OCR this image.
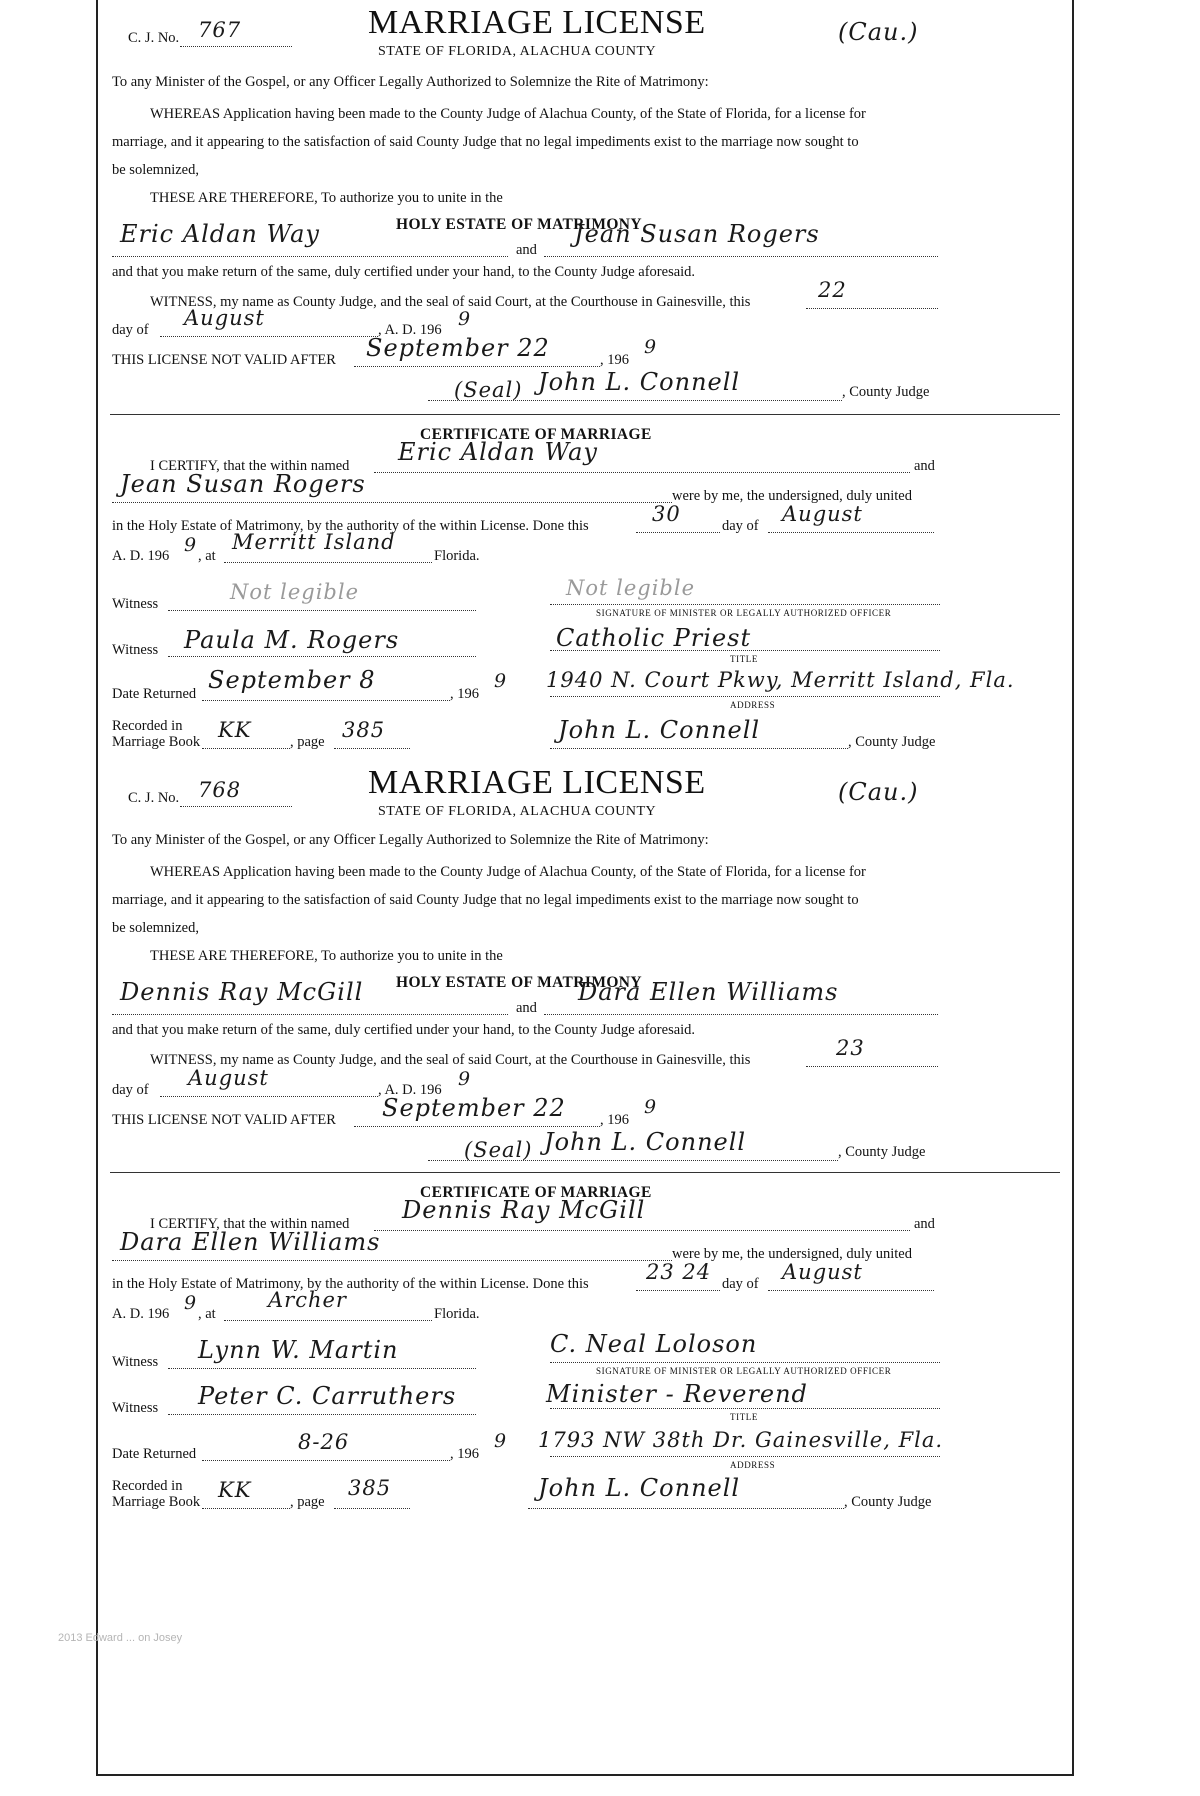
C. J. No. 767	MARRIAGE LICENSE
STATE OF FLORIDA, ALACHUA COUNTY
(Cau.)
To any Minister of the Gospel, or any Officer Legally Authorized to Solemnize the Rite of Matrimony:
WHEREAS Application having been made to the County Judge of Alachua County, of the State of Florida, for a license for
marriage, and it appearing to the satisfaction of said County Judge that no legal impediments exist to the marriage now sought to
be solemnized,
THESE ARE THEREFORE, To authorize you to unite in the
HOLY ESTATE OF MATRIMONY
Eric Aldan Way
and
Jean Susan Rogers
and that you make return of the same, duly certified under your hand, to the County Judge aforesaid.
WITNESS, my name as County Judge, and the seal of said Court, at the Courthouse in Gainesville, this	22
day of August	, A. D. 196 9
THIS LICENSE NOT VALID AFTER September 22	, 196
9
(Seal) John L. Connell	, County Judge
CERTIFICATE OF MARRIAGE
I CERTIFY, that the within named Eric Aldan Way	and
Jean Susan Rogers	were by me, the undersigned, duly united
in the Holy Estate of Matrimony, by the authority of the within License. Done this	30	day of August
A. D. 196 9 , at
Merritt Island
Florida.
Witness	Not legible	Not legible
SIGNATURE OF MINISTER OR LEGALLY AUTHORIZED OFFICER
Witness Paula M. Rogers	Catholic Priest
TITLE
Date Returned September 8	, 196
9 1940 N. Court Pkwy, Merritt Island, Fla.
ADDRESS
Recorded in
Marriage Book KK	, page 385	John L. Connell	, County Judge
C. J. No. 768	MARRIAGE LICENSE
STATE OF FLORIDA, ALACHUA COUNTY
(Cau.)
To any Minister of the Gospel, or any Officer Legally Authorized to Solemnize the Rite of Matrimony:
WHEREAS Application having been made to the County Judge of Alachua County, of the State of Florida, for a license for
marriage, and it appearing to the satisfaction of said County Judge that no legal impediments exist to the marriage now sought to
be solemnized,
THESE ARE THEREFORE, To authorize you to unite in the
HOLY ESTATE OF MATRIMONY
Dennis Ray McGill
and
Dara Ellen Williams
and that you make return of the same, duly certified under your hand, to the County Judge aforesaid.
WITNESS, my name as County Judge, and the seal of said Court, at the Courthouse in Gainesville, this	23
day of August	, A. D. 196 9
THIS LICENSE NOT VALID AFTER September 22 , 196
9
(Seal) John L. Connell	, County Judge
CERTIFICATE OF MARRIAGE
I CERTIFY, that the within named Dennis Ray McGill	and
Dara Ellen Williams	were by me, the undersigned, duly united
in the Holy Estate of Matrimony, by the authority of the within License. Done this	23 24 day of August
A. D. 196 9 , at
Archer
Florida.
Witness Lynn W. Martin	C. Neal Loloson
SIGNATURE OF MINISTER OR LEGALLY AUTHORIZED OFFICER
Witness Peter C. Carruthers	Minister - Reverend
TITLE
Date Returned	8-26	, 196
9 1793 NW 38th Dr. Gainesville, Fla.
ADDRESS
Recorded in
Marriage Book KK	, page
385	John L. Connell	, County Judge
2013 Edward ... on Josey
